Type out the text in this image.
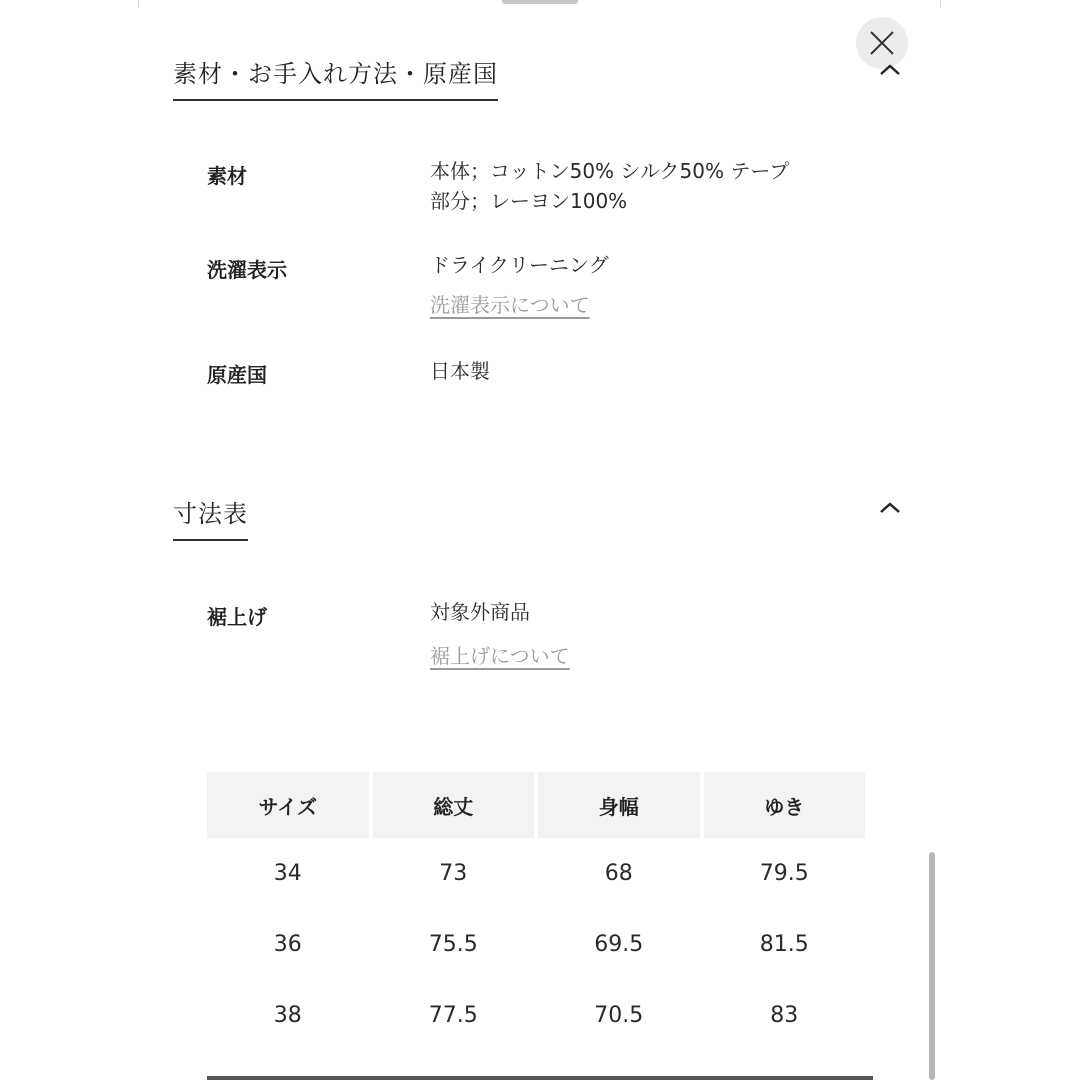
素材・お手入れ方法・原産国
素材	本体；コットン50% シルク50% テープ
部分；レーヨン100%
洗濯表示	ドライクリーニング
洗濯表示について
原産国	日本製
寸法表
裾上げ	対象外商品
裾上げについて
サイズ	総丈	身幅	ゆき
34	73	68	79.5
36	75.5	69.5	81.5
38	77.5	70.5	83
